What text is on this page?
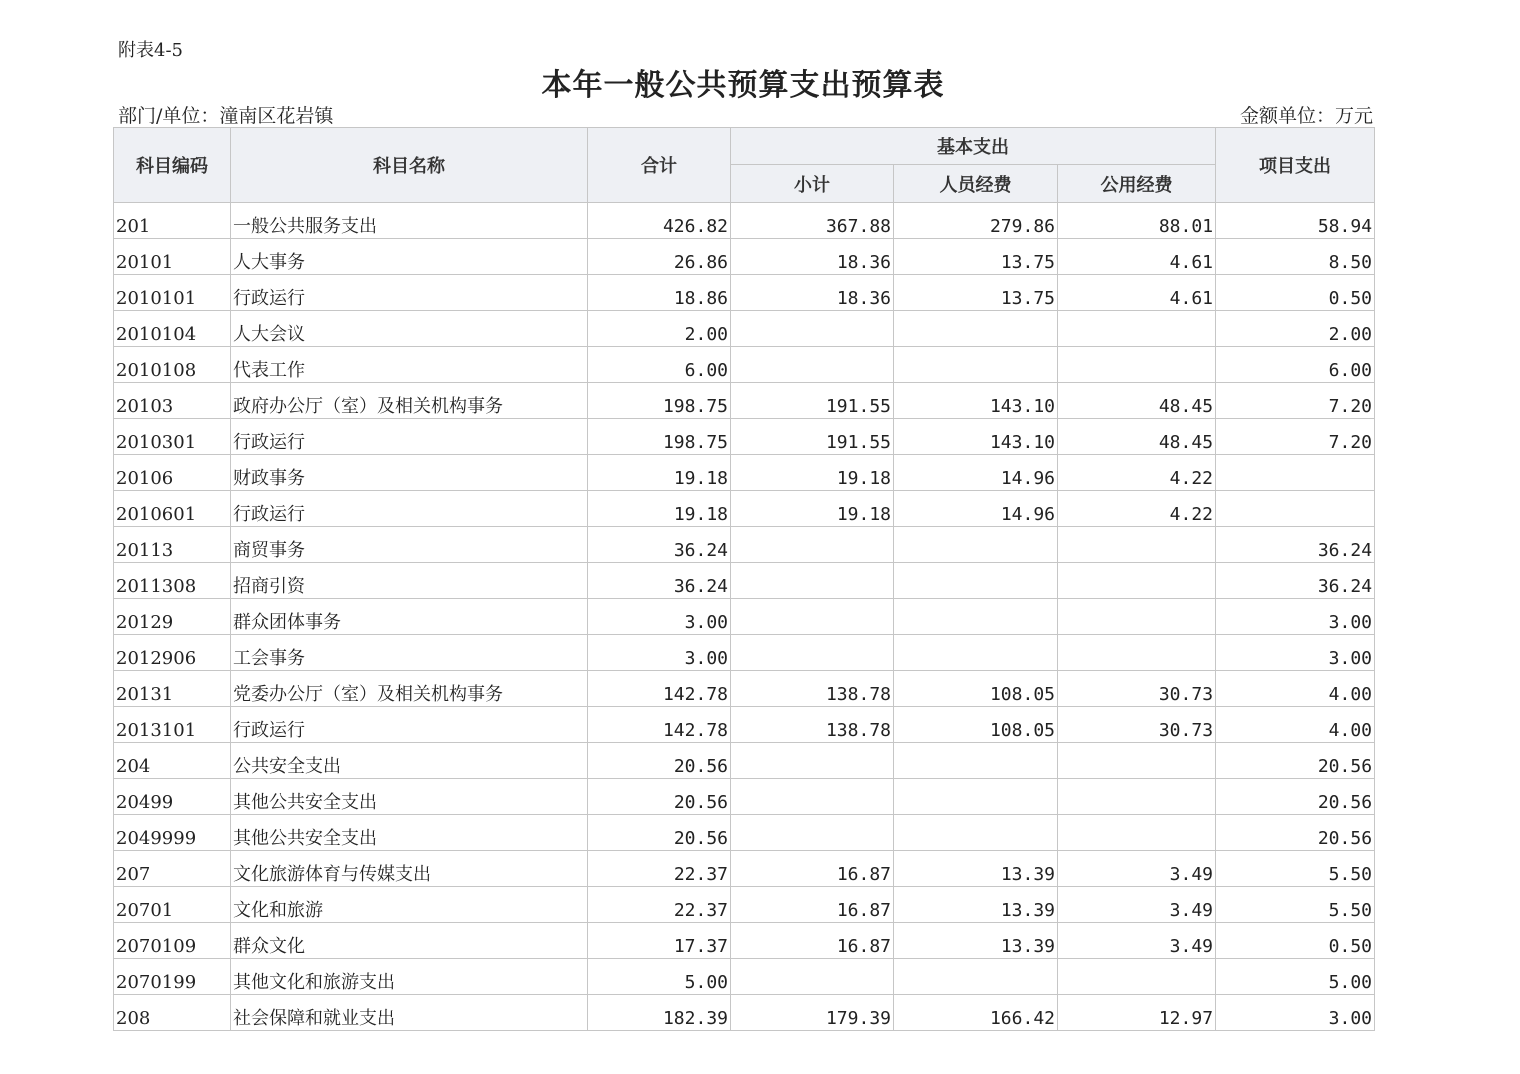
附表4-5
本年一般公共预算支出预算表
部门/单位：潼南区花岩镇	金额单位：万元
科目编码	科目名称	合计	基本支出			项目支出
			小计	人员经费	公用经费	
201	一般公共服务支出	426.82	367.88	279.86	88.01	58.94
20101	人大事务	26.86	18.36	13.75	4.61	8.50
2010101	行政运行	18.86	18.36	13.75	4.61	0.50
2010104	人大会议	2.00				2.00
2010108	代表工作	6.00				6.00
20103	政府办公厅（室）及相关机构事务	198.75	191.55	143.10	48.45	7.20
2010301	行政运行	198.75	191.55	143.10	48.45	7.20
20106	财政事务	19.18	19.18	14.96	4.22	
2010601	行政运行	19.18	19.18	14.96	4.22	
20113	商贸事务	36.24				36.24
2011308	招商引资	36.24				36.24
20129	群众团体事务	3.00				3.00
2012906	工会事务	3.00				3.00
20131	党委办公厅（室）及相关机构事务	142.78	138.78	108.05	30.73	4.00
2013101	行政运行	142.78	138.78	108.05	30.73	4.00
204	公共安全支出	20.56				20.56
20499	其他公共安全支出	20.56				20.56
2049999	其他公共安全支出	20.56				20.56
207	文化旅游体育与传媒支出	22.37	16.87	13.39	3.49	5.50
20701	文化和旅游	22.37	16.87	13.39	3.49	5.50
2070109	群众文化	17.37	16.87	13.39	3.49	0.50
2070199	其他文化和旅游支出	5.00				5.00
208	社会保障和就业支出	182.39	179.39	166.42	12.97	3.00
